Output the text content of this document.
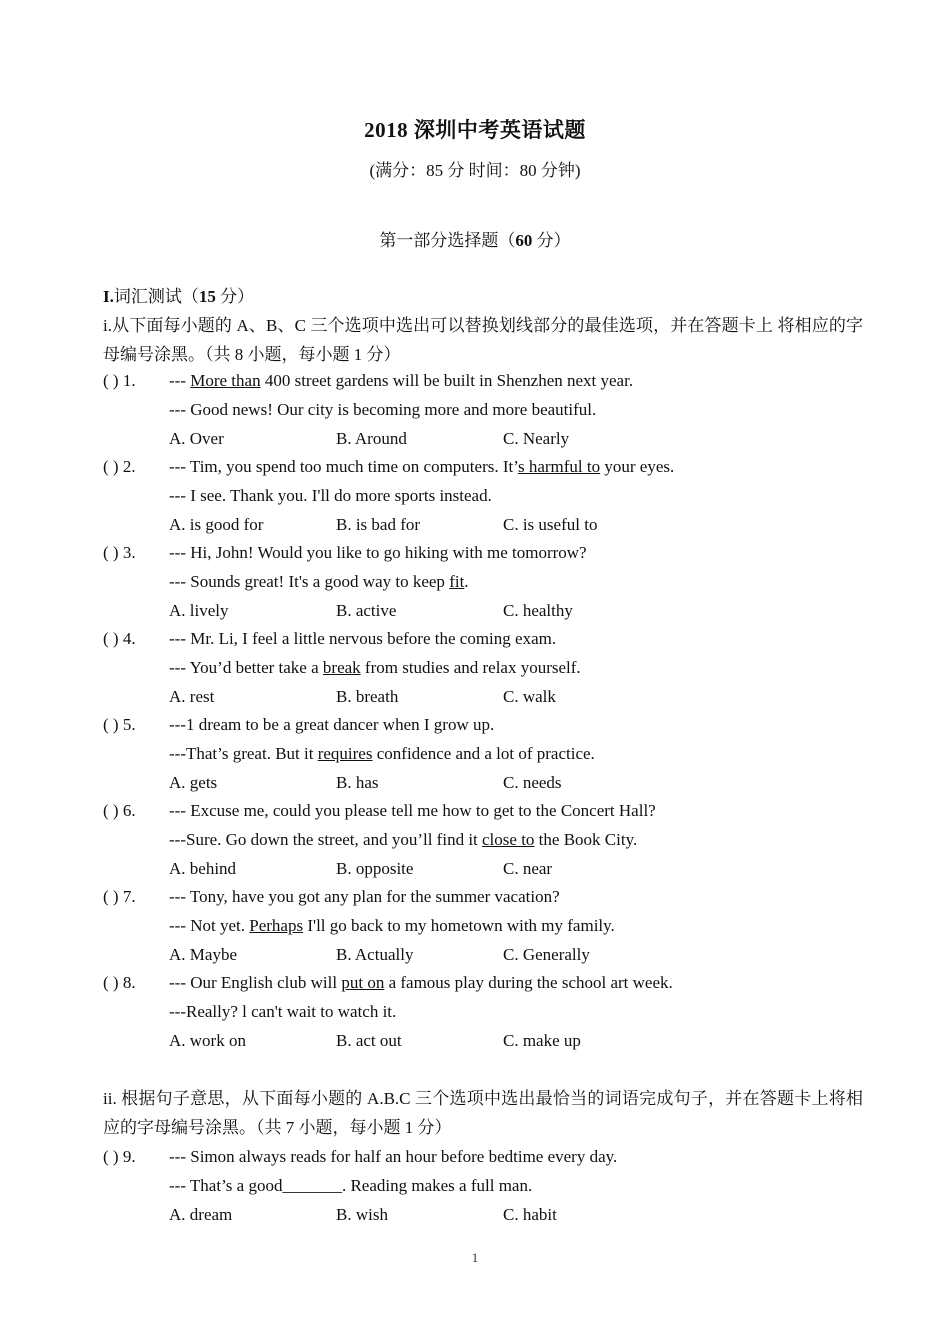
2018 深圳中考英语试题
(满分：85 分 时间：80 分钟)
第一部分选择题（60 分）
I.词汇测试（15 分）
i.从下面每小题的 A、B、C 三个选项中选出可以替换划线部分的最佳选项，并在答题卡上 将相应的字母编号涂黑。（共 8 小题，每小题 1 分）
( ) 1. --- More than 400 street gardens will be built in Shenzhen next year.
--- Good news! Our city is becoming more and more beautiful.
A. Over	B. Around	C. Nearly
( ) 2. --- Tim, you spend too much time on computers. It’s harmful to your eyes.
--- I see. Thank you. I'll do more sports instead.
A. is good for	B. is bad for	C. is useful to
( ) 3. --- Hi, John! Would you like to go hiking with me tomorrow?
--- Sounds great! It's a good way to keep fit.
A. lively	B. active	C. healthy
( ) 4. --- Mr. Li, I feel a little nervous before the coming exam.
--- You’d better take a break from studies and relax yourself.
A. rest	B. breath	C. walk
( ) 5. ---1 dream to be a great dancer when I grow up.
---That’s great. But it requires confidence and a lot of practice.
A. gets	B. has	C. needs
( ) 6. --- Excuse me, could you please tell me how to get to the Concert Hall?
---Sure. Go down the street, and you’ll find it close to the Book City.
A. behind	B. opposite	C. near
( ) 7. --- Tony, have you got any plan for the summer vacation?
--- Not yet. Perhaps I'll go back to my hometown with my family.
A. Maybe	B. Actually	C. Generally
( ) 8. --- Our English club will put on a famous play during the school art week.
---Really? l can't wait to watch it.
A. work on	B. act out	C. make up
ii. 根据句子意思，从下面每小题的 A.B.C 三个选项中选出最恰当的词语完成句子，并在答题卡上将相应的字母编号涂黑。（共 7 小题，每小题 1 分）
( ) 9. --- Simon always reads for half an hour before bedtime every day.
--- That’s a good_______. Reading makes a full man.
A. dream	B. wish	C. habit
1
